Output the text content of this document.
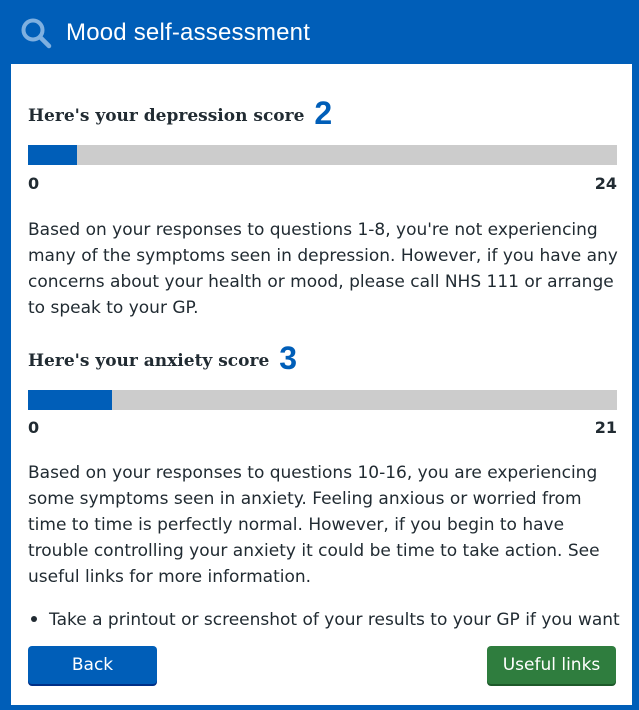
Mood self-assessment
Here's your depression score 2
0	24
Based on your responses to questions 1-8, you're not experiencing many of the symptoms seen in depression. However, if you have any concerns about your health or mood, please call NHS 111 or arrange to speak to your GP.
Here's your anxiety score 3
0	21
Based on your responses to questions 10-16, you are experiencing some symptoms seen in anxiety. Feeling anxious or worried from time to time is perfectly normal. However, if you begin to have trouble controlling your anxiety it could be time to take action. See useful links for more information.
Take a printout or screenshot of your results to your GP if you want
Back	Useful links
